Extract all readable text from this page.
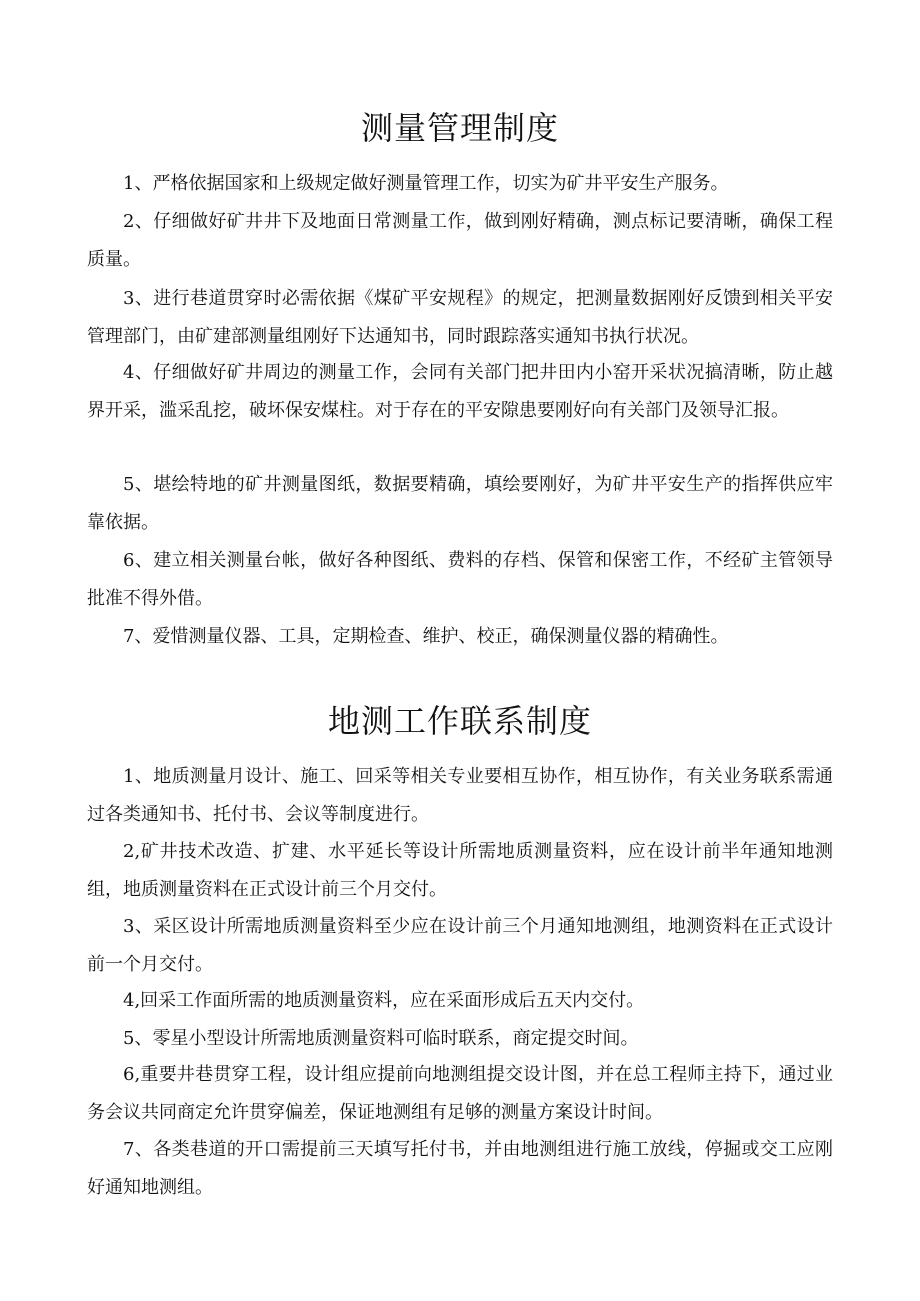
测量管理制度

1、严格依据国家和上级规定做好测量管理工作，切实为矿井平安生产服务。

2、仔细做好矿井井下及地面日常测量工作，做到刚好精确，测点标记要清晰，确保工程质量。

3、进行巷道贯穿时必需依据《煤矿平安规程》的规定，把测量数据刚好反馈到相关平安管理部门，由矿建部测量组刚好下达通知书，同时跟踪落实通知书执行状况。

4、仔细做好矿井周边的测量工作，会同有关部门把井田内小窑开采状况搞清晰，防止越界开采，滥采乱挖，破坏保安煤柱。对于存在的平安隙患要刚好向有关部门及领导汇报。

5、堪绘特地的矿井测量图纸，数据要精确，填绘要刚好，为矿井平安生产的指挥供应牢靠依据。

6、建立相关测量台帐，做好各种图纸、费料的存档、保管和保密工作，不经矿主管领导批准不得外借。

7、爱惜测量仪器、工具，定期检查、维护、校正，确保测量仪器的精确性。

地测工作联系制度

1、地质测量月设计、施工、回采等相关专业要相互协作，相互协作，有关业务联系需通过各类通知书、托付书、会议等制度进行。

2,矿井技术改造、扩建、水平延长等设计所需地质测量资料，应在设计前半年通知地测组，地质测量资料在正式设计前三个月交付。

3、采区设计所需地质测量资料至少应在设计前三个月通知地测组，地测资料在正式设计前一个月交付。

4,回采工作面所需的地质测量资料，应在采面形成后五天内交付。

5、零星小型设计所需地质测量资料可临时联系，商定提交时间。

6,重要井巷贯穿工程，设计组应提前向地测组提交设计图，并在总工程师主持下，通过业务会议共同商定允许贯穿偏差，保证地测组有足够的测量方案设计时间。

7、各类巷道的开口需提前三天填写托付书，并由地测组进行施工放线，停掘或交工应刚好通知地测组。
